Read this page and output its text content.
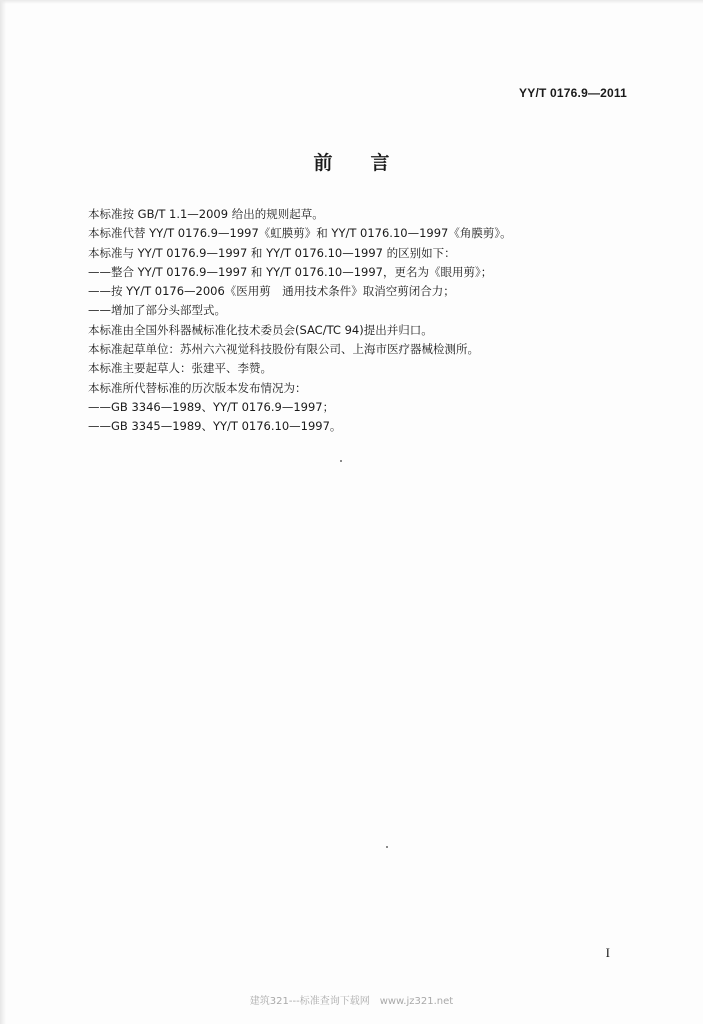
YY/T 0176.9—2011
前言
本标准按 GB/T 1.1—2009 给出的规则起草。
本标准代替 YY/T 0176.9—1997《虹膜剪》和 YY/T 0176.10—1997《角膜剪》。
本标准与 YY/T 0176.9—1997 和 YY/T 0176.10—1997 的区别如下：
——整合 YY/T 0176.9—1997 和 YY/T 0176.10—1997，更名为《眼用剪》；
——按 YY/T 0176—2006《医用剪　通用技术条件》取消空剪闭合力；
——增加了部分头部型式。
本标准由全国外科器械标准化技术委员会(SAC/TC 94)提出并归口。
本标准起草单位：苏州六六视觉科技股份有限公司、上海市医疗器械检测所。
本标准主要起草人：张建平、李赞。
本标准所代替标准的历次版本发布情况为：
——GB 3346—1989、YY/T 0176.9—1997；
——GB 3345—1989、YY/T 0176.10—1997。
I
建筑321---标准查询下载网　www.jz321.net
